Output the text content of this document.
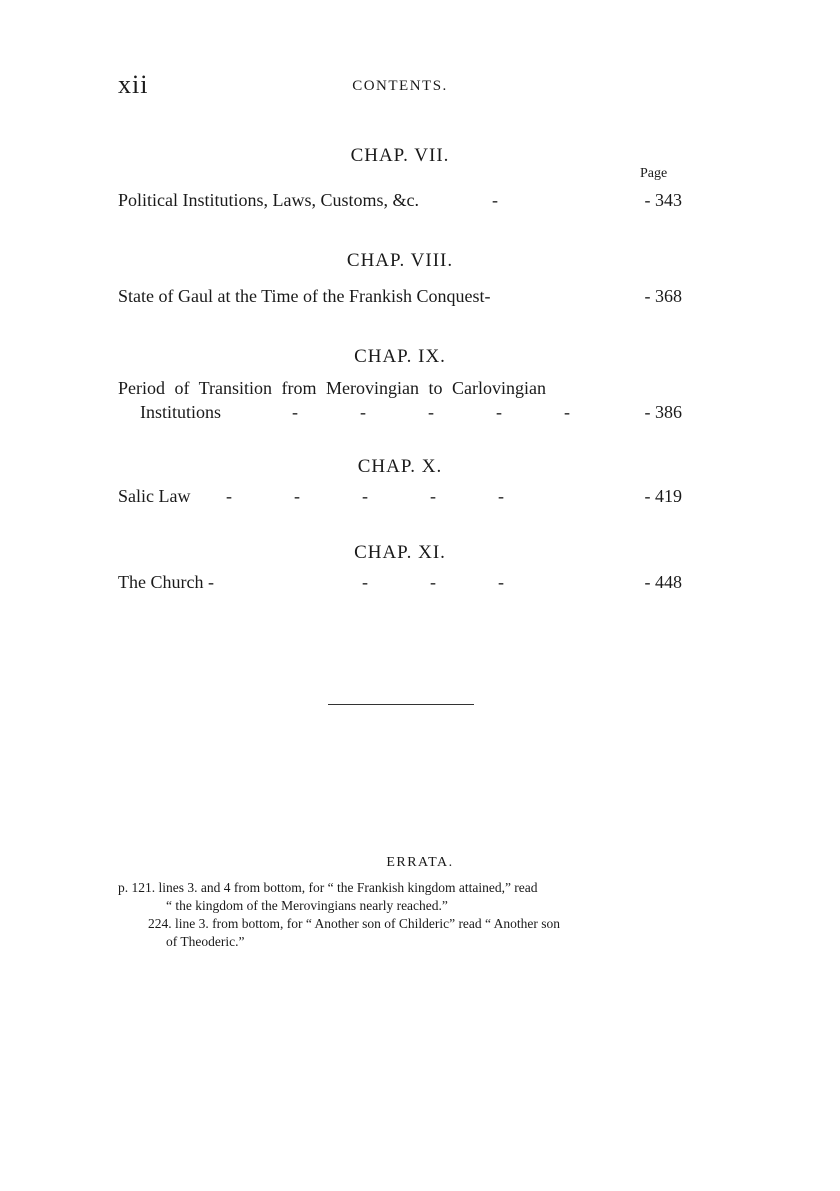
xii	CONTENTS.
CHAP. VII.
Page
Political Institutions, Laws, Customs, &c.	-	- 343
CHAP. VIII.
State of Gaul at the Time of the Frankish Conquest-	- 368
CHAP. IX.
Period of Transition from Merovingian to Carlovingian
Institutions	-	-	-	-	-	- 386
CHAP. X.
Salic Law -	-	-	-	-	- 419
CHAP. XI.
The Church -	-	-	-	- 448
ERRATA.
p. 121. lines 3. and 4 from bottom, for “ the Frankish kingdom attained,” read
“ the kingdom of the Merovingians nearly reached.”
224. line 3. from bottom, for “ Another son of Childeric” read “ Another son
of Theoderic.”
